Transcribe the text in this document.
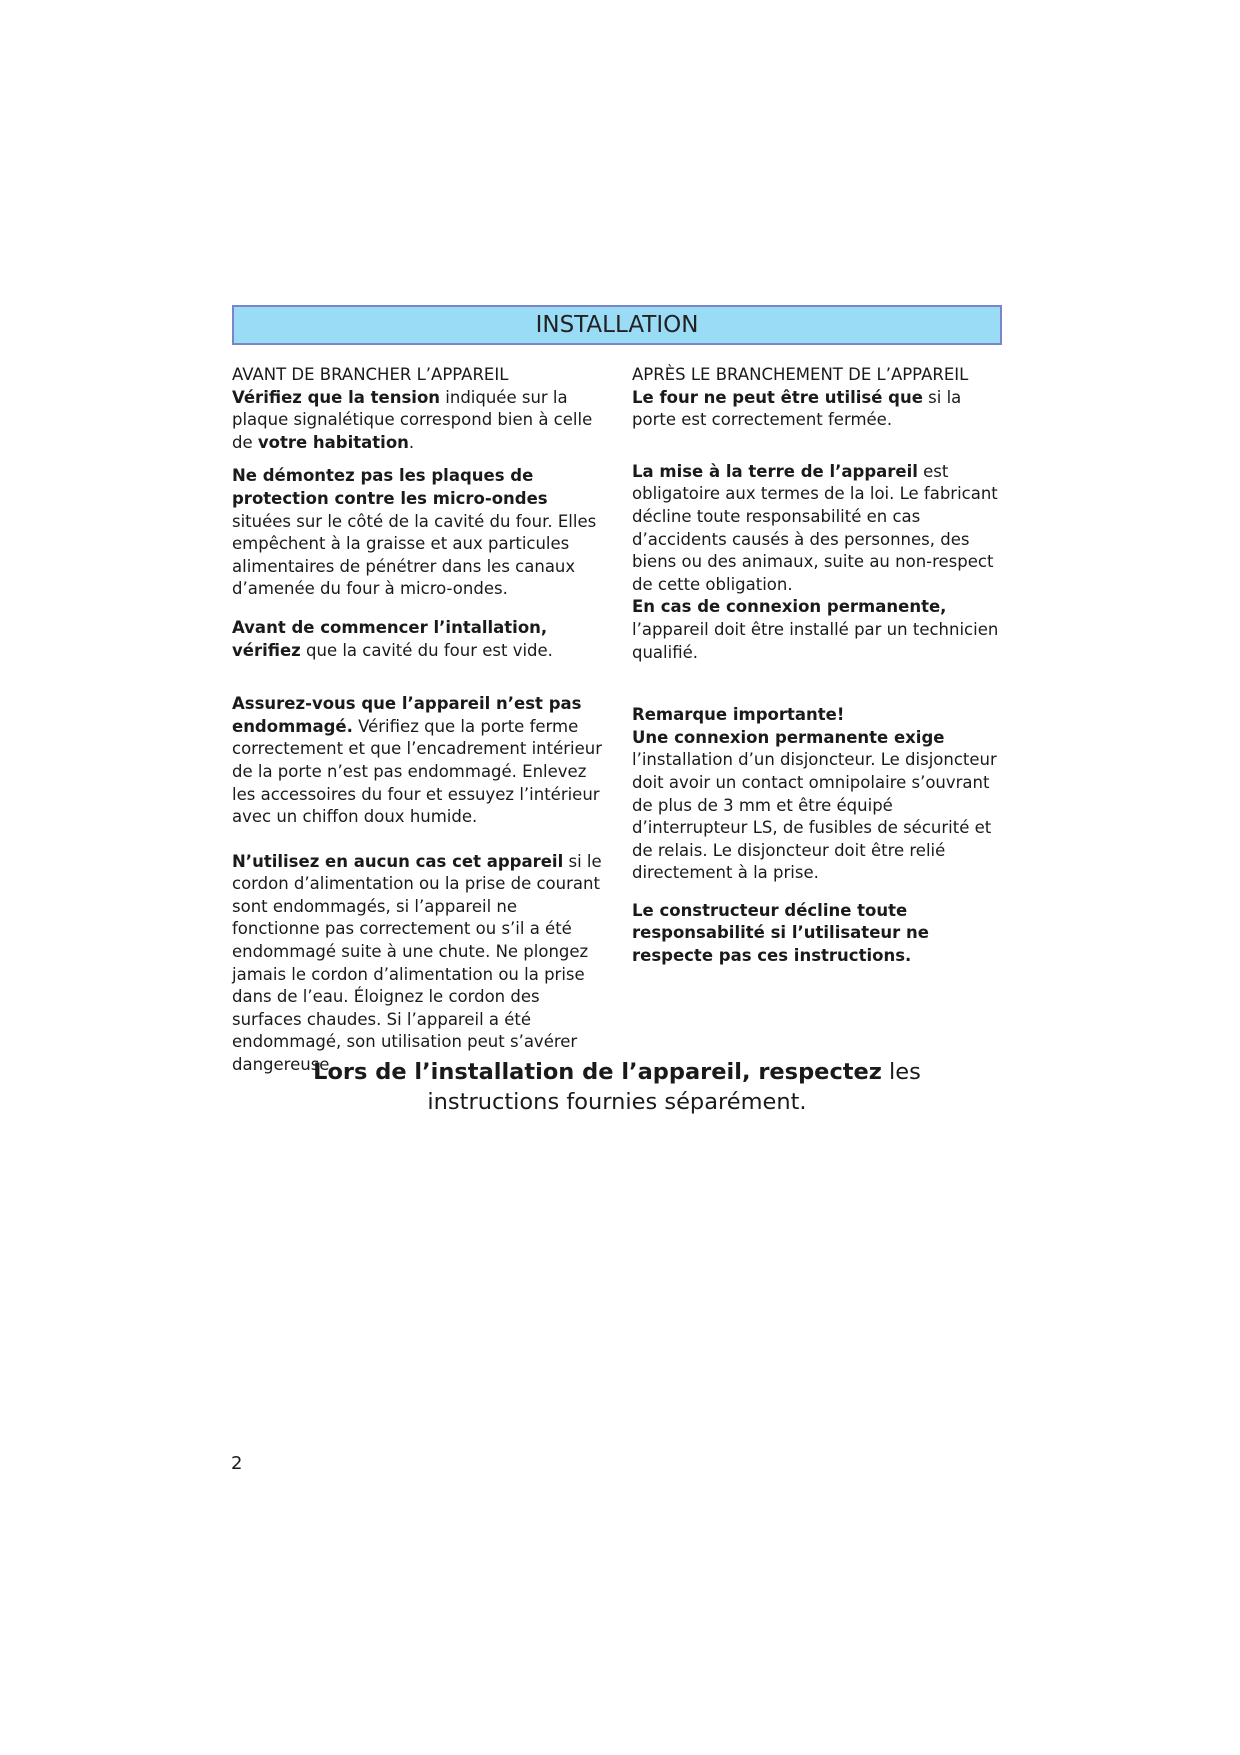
INSTALLATION

AVANT DE BRANCHER L’APPAREIL

Vérifiez que la tension indiquée sur la plaque signalétique correspond bien à celle de votre habitation.

Ne démontez pas les plaques de protection contre les micro-ondes situées sur le côté de la cavité du four. Elles empêchent à la graisse et aux particules alimentaires de pénétrer dans les canaux d’amenée du four à micro-ondes.

Avant de commencer l’intallation, vérifiez que la cavité du four est vide.

Assurez-vous que l’appareil n’est pas endommagé. Vérifiez que la porte ferme correctement et que l’encadrement intérieur de la porte n’est pas endommagé. Enlevez les accessoires du four et essuyez l’intérieur avec un chiffon doux humide.

N’utilisez en aucun cas cet appareil si le cordon d’alimentation ou la prise de courant sont endommagés, si l’appareil ne fonctionne pas correctement ou s’il a été endommagé suite à une chute. Ne plongez jamais le cordon d’alimentation ou la prise dans de l’eau. Éloignez le cordon des surfaces chaudes. Si l’appareil a été endommagé, son utilisation peut s’avérer dangereuse.

APRÈS LE BRANCHEMENT DE L’APPAREIL

Le four ne peut être utilisé que si la porte est correctement fermée.

La mise à la terre de l’appareil est obligatoire aux termes de la loi. Le fabricant décline toute responsabilité en cas d’accidents causés à des personnes, des biens ou des animaux, suite au non-respect de cette obligation.

En cas de connexion permanente, l’appareil doit être installé par un technicien qualifié.

Remarque importante!
Une connexion permanente exige
l’installation d’un disjoncteur. Le disjoncteur doit avoir un contact omnipolaire s’ouvrant de plus de 3 mm et être équipé d’interrupteur LS, de fusibles de sécurité et de relais. Le disjoncteur doit être relié directement à la prise.

Le constructeur décline toute responsabilité si l’utilisateur ne respecte pas ces instructions.

Lors de l’installation de l’appareil, respectez les
instructions fournies séparément.
2
